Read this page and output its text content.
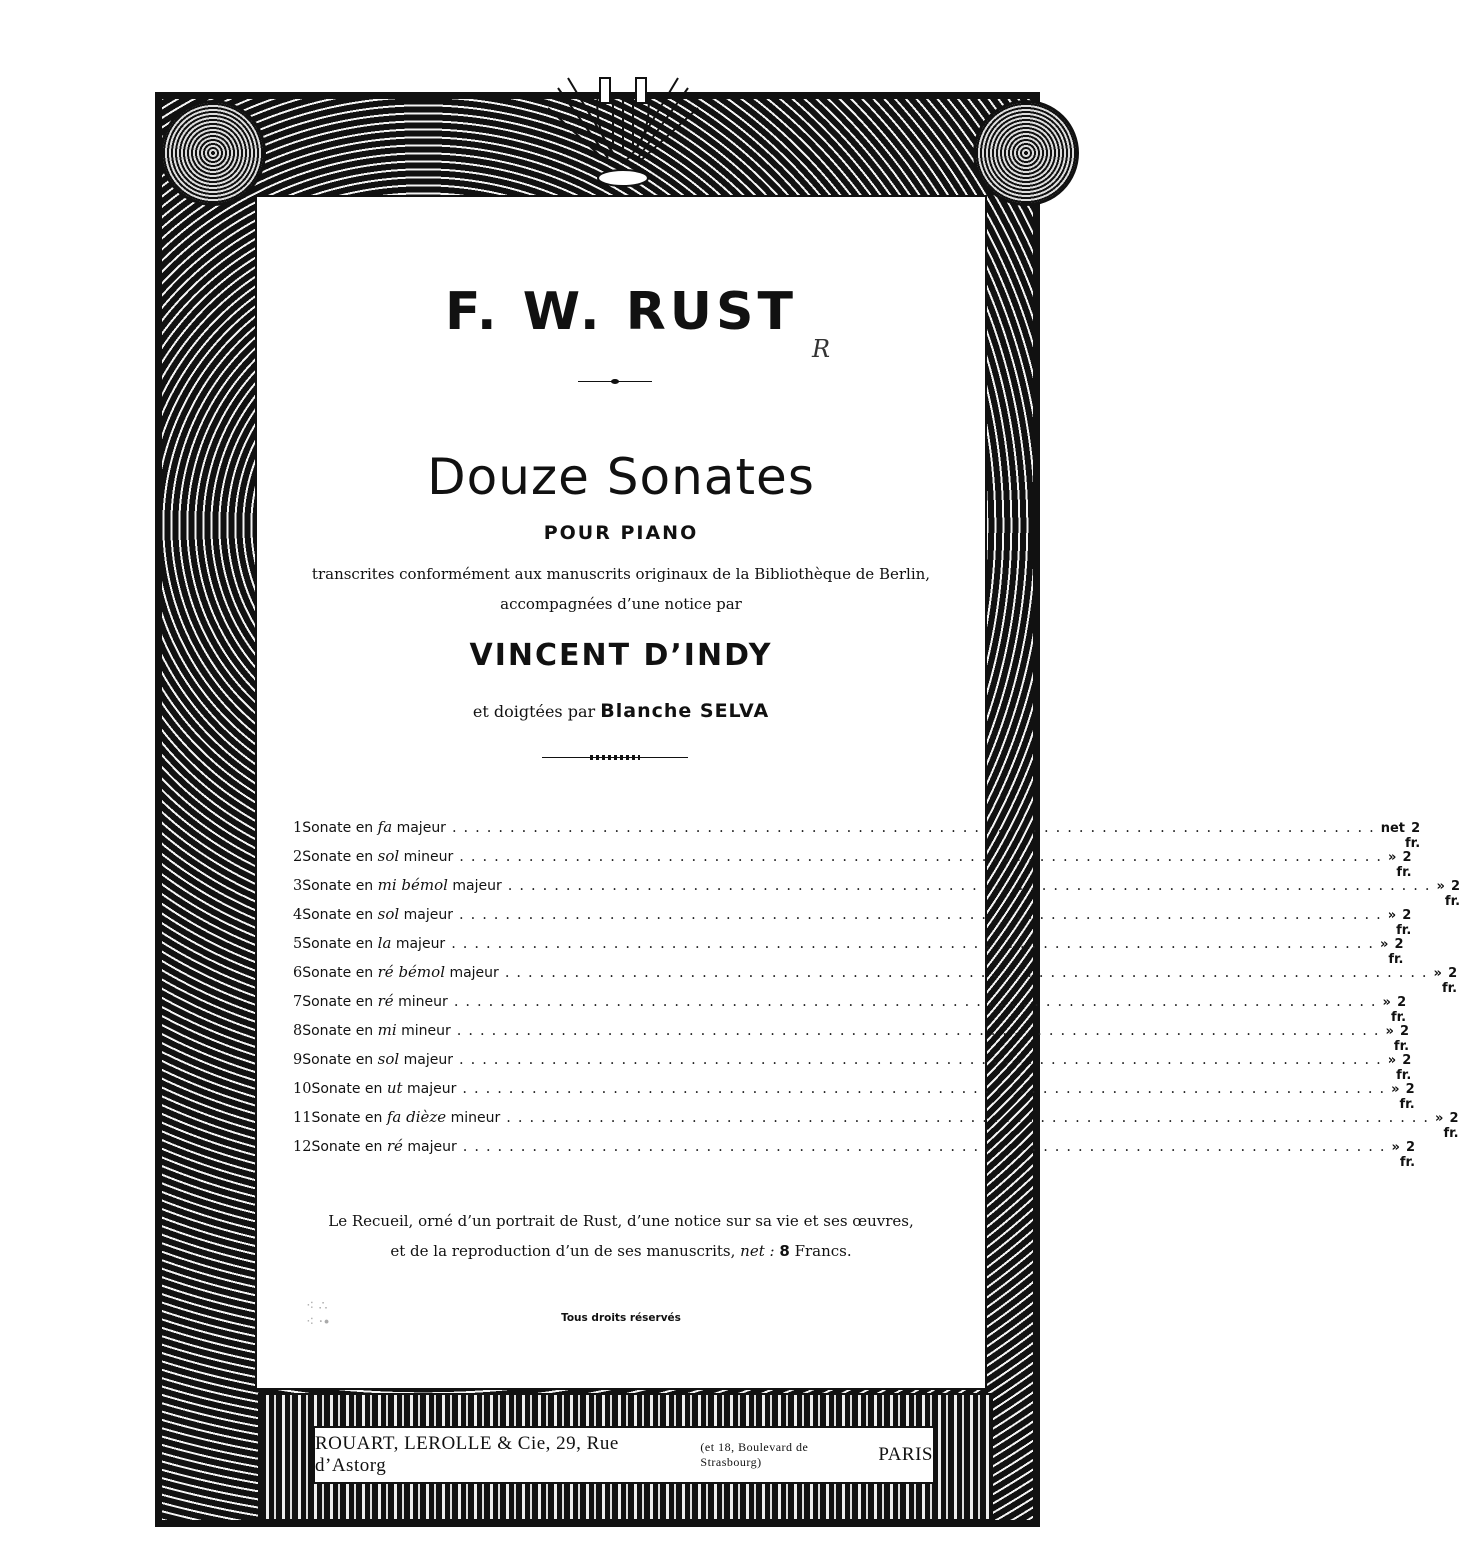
F. W. RUST
R
Douze Sonates
POUR PIANO
transcrites conformément aux manuscrits originaux de la Bibliothèque de Berlin,
accompagnées d’une notice par
VINCENT D’INDY
et doigtées par Blanche SELVA
1 Sonate en fa majeur ................................................................................ net 2 fr.
2 Sonate en sol mineur ................................................................................ » 2 fr.
3 Sonate en mi bémol majeur ................................................................................ » 2 fr.
4 Sonate en sol majeur ................................................................................ » 2 fr.
5 Sonate en la majeur ................................................................................ » 2 fr.
6 Sonate en ré bémol majeur ................................................................................ » 2 fr.
7 Sonate en ré mineur ................................................................................ » 2 fr.
8 Sonate en mi mineur ................................................................................ » 2 fr.
9 Sonate en sol majeur ................................................................................ » 2 fr.
10 Sonate en ut majeur ................................................................................ » 2 fr.
11 Sonate en fa dièze mineur ................................................................................ » 2 fr.
12 Sonate en ré majeur ................................................................................ » 2 fr.
Le Recueil, orné d’un portrait de Rust, d’une notice sur sa vie et ses œuvres,
et de la reproduction d’un de ses manuscrits, net : 8 Francs.
Tous droits réservés
⁖ ∴
⁖ ·∙
ROUART, LEROLLE & Cie, 29, Rue d’Astorg

(et 18, Boulevard de Strasbourg)
	PARIS
